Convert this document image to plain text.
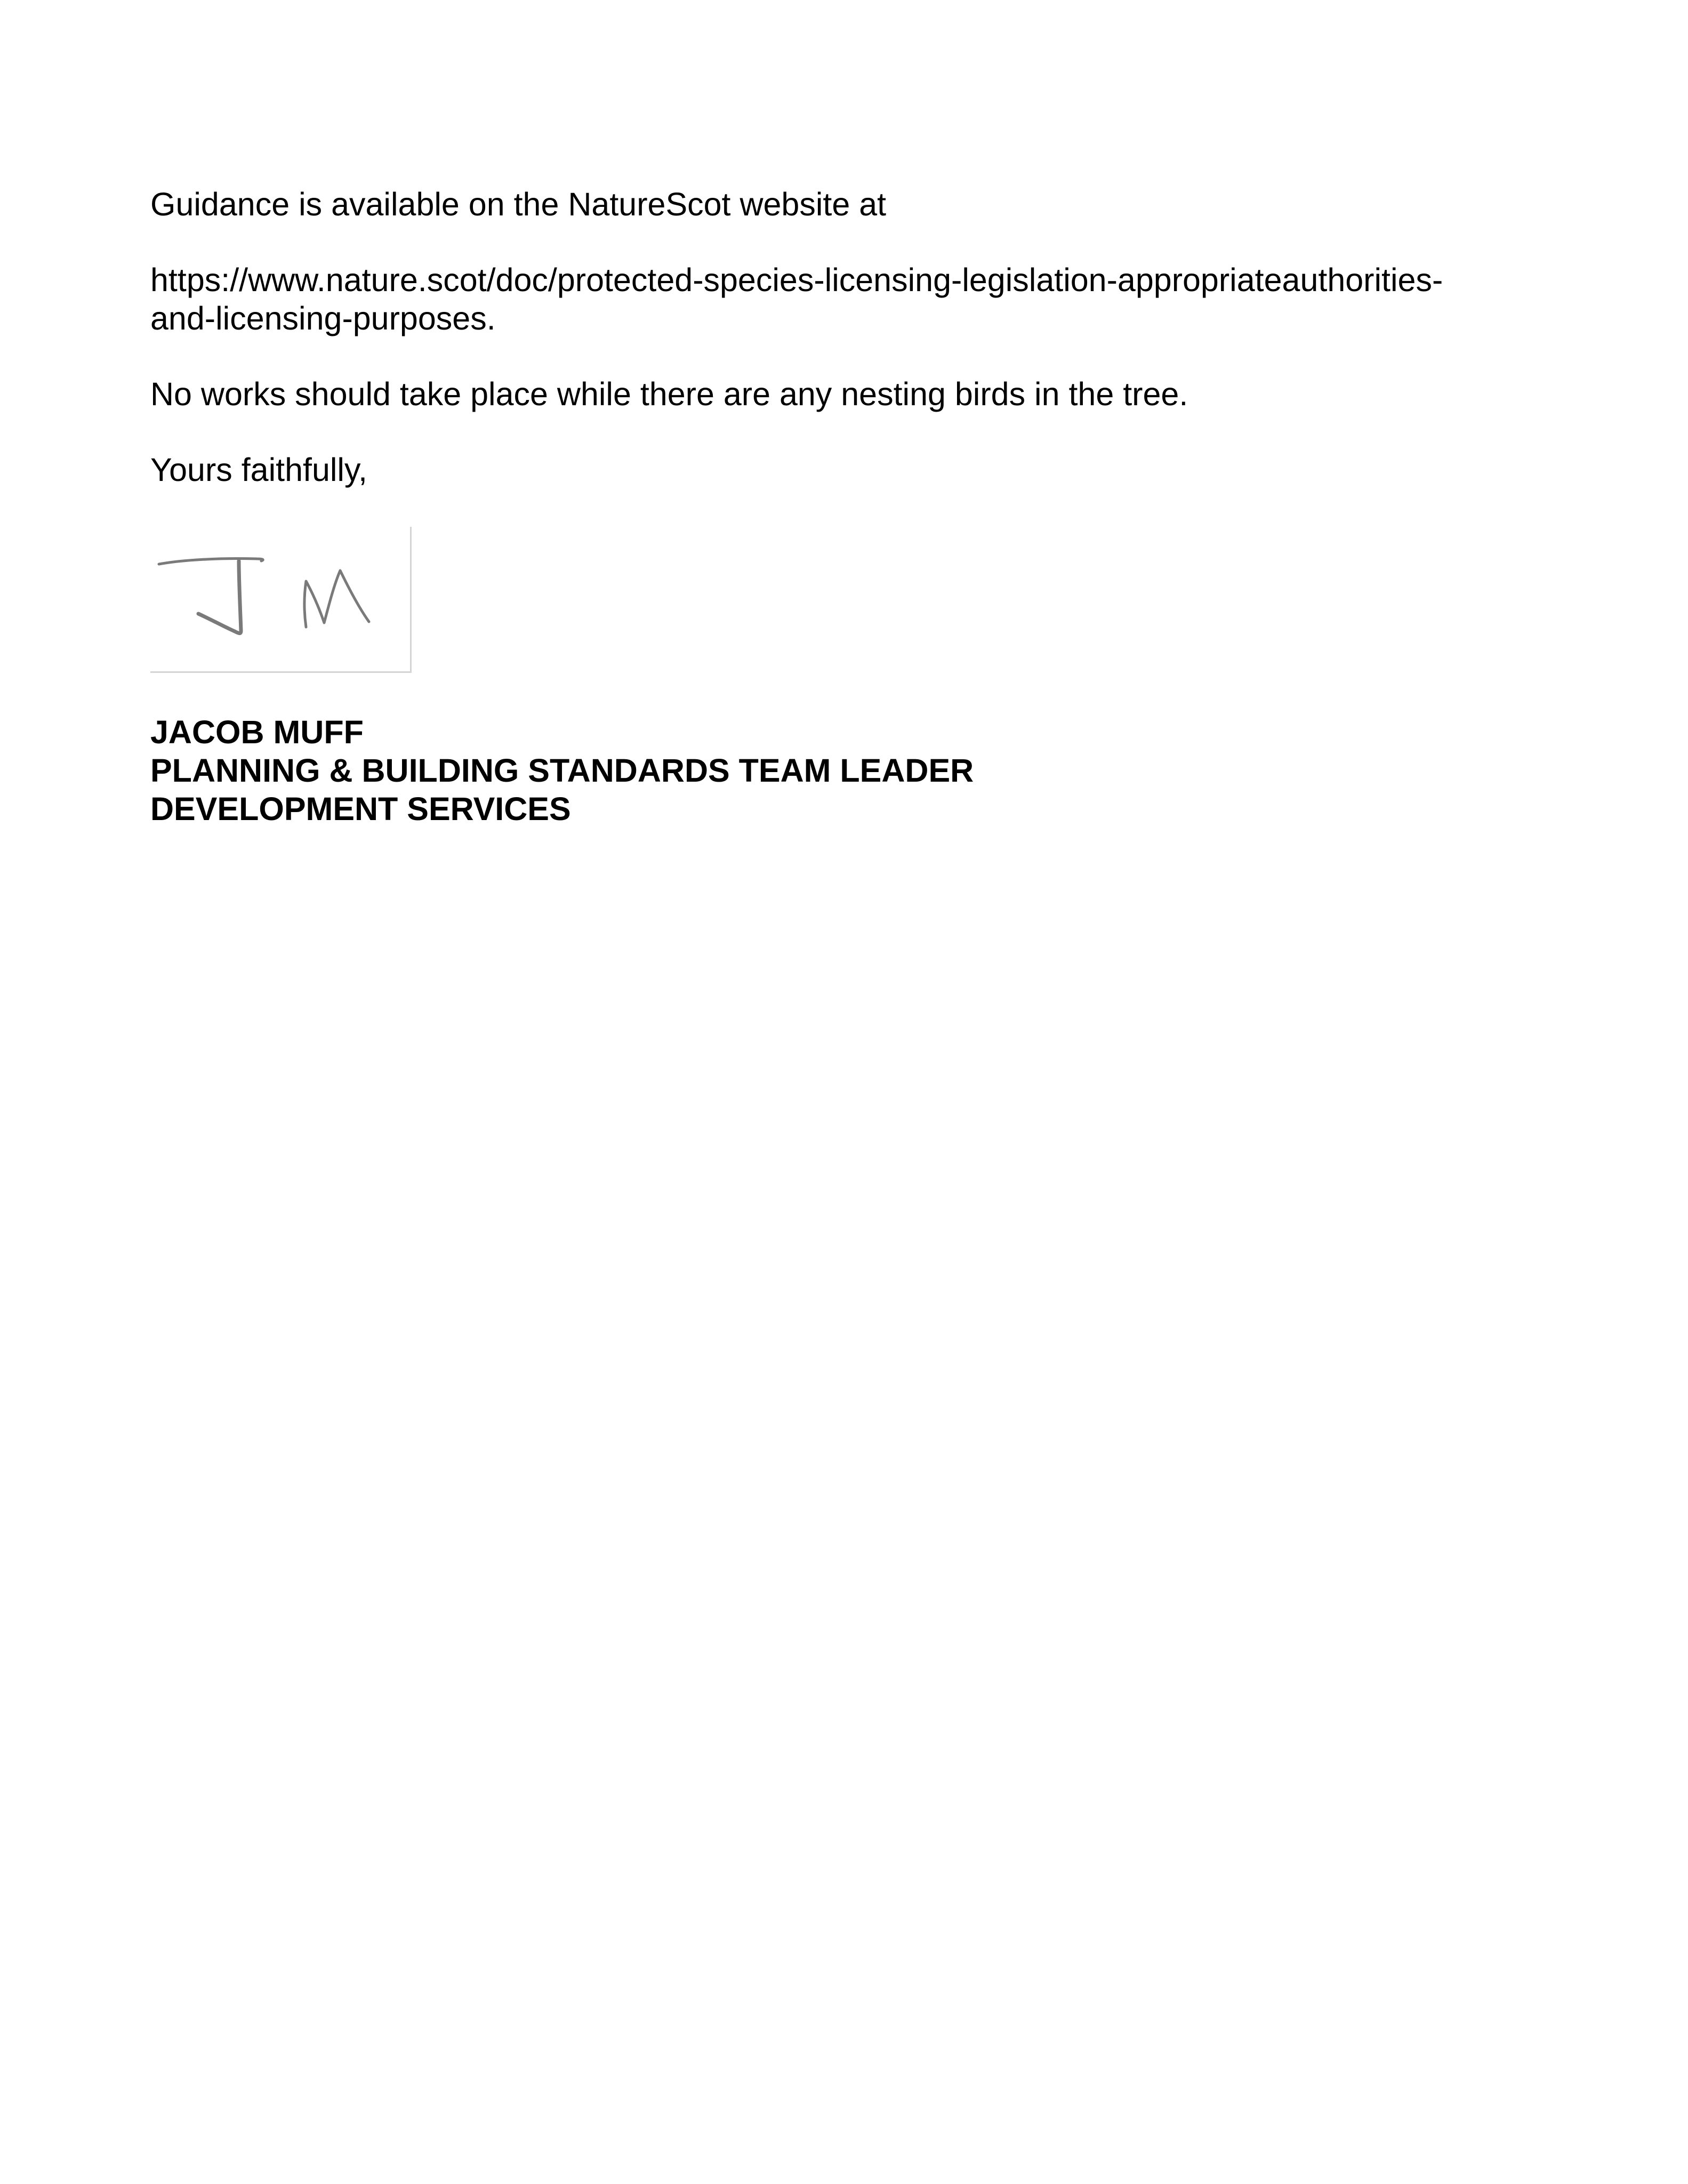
Guidance is available on the NatureScot website at

https://www.nature.scot/doc/protected-species-licensing-legislation-appropriateauthorities-
and-licensing-purposes.

No works should take place while there are any nesting birds in the tree.

Yours faithfully,

JACOB MUFF
PLANNING & BUILDING STANDARDS TEAM LEADER
DEVELOPMENT SERVICES
